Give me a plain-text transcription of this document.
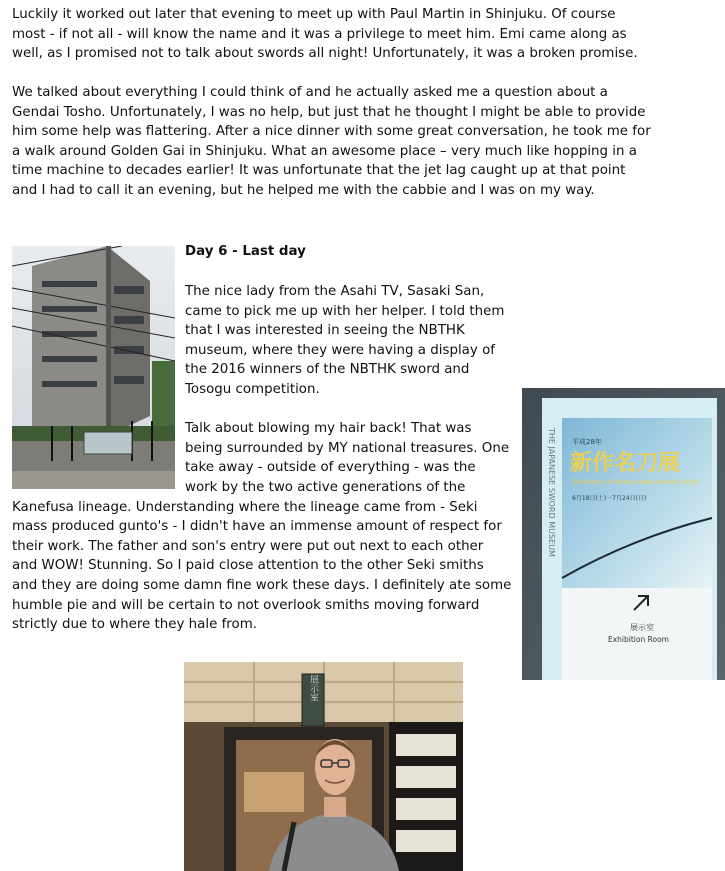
Luckily it worked out later that evening to meet up with Paul Martin in Shinjuku. Of course most - if not all - will know the name and it was a privilege to meet him. Emi came along as well, as I promised not to talk about swords all night! Unfortunately, it was a broken promise.

We talked about everything I could think of and he actually asked me a question about a Gendai Tosho. Unfortunately, I was no help, but just that he thought I might be able to provide him some help was flattering. After a nice dinner with some great conversation, he took me for a walk around Golden Gai in Shinjuku. What an awesome place – very much like hopping in a time machine to decades earlier! It was unfortunate that the jet lag caught up at that point and I had to call it an evening, but he helped me with the cabbie and I was on my way.

Day 6 - Last day

The nice lady from the Asahi TV, Sasaki San, came to pick me up with her helper. I told them that I was interested in seeing the NBTHK museum, where they were having a display of the 2016 winners of the NBTHK sword and Tosogu competition.

Talk about blowing my hair back! That was being surrounded by MY national treasures. One take away - outside of everything - was the work by the two active generations of the Kanefusa lineage. Understanding where the lineage came from - Seki mass produced gunto's - I didn't have an immense amount of respect for their work. The father and son's entry were put out next to each other and WOW! Stunning. So I paid close attention to the other Seki smiths and they are doing some damn fine work these days. I definitely ate some humble pie and will be certain to not overlook smiths moving forward strictly due to where they hale from.

平成28年
新作名刀展
Exhibition of Newly Made Swords 2016
6月18日(土)－7月24日(日)
THE JAPANESE SWORD MUSEUM
展示室
Exhibition Room
展示室
